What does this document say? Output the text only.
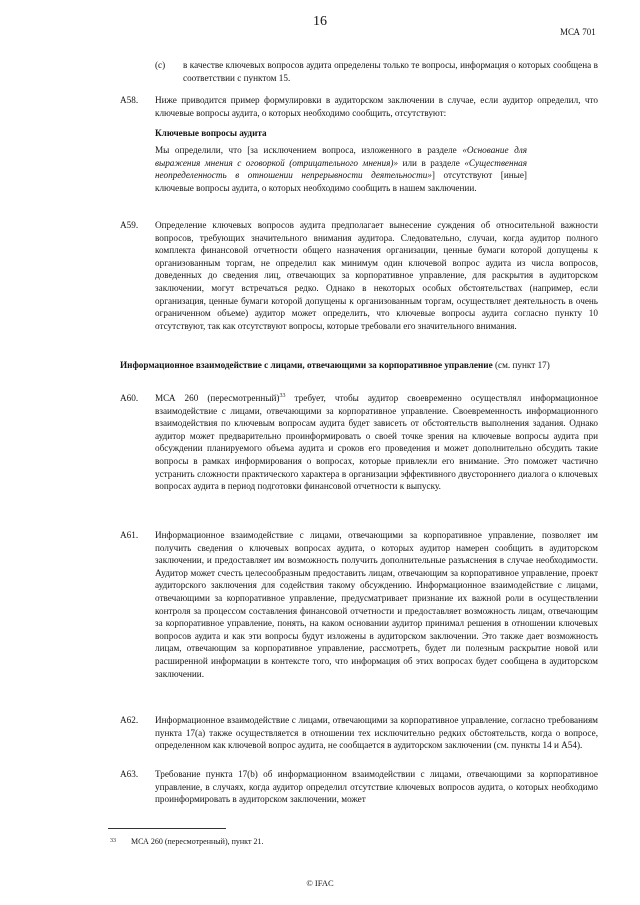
16
МСА 701
(c) в качестве ключевых вопросов аудита определены только те вопросы, информация о которых сообщена в соответствии с пунктом 15.

A58. Ниже приводится пример формулировки в аудиторском заключении в случае, если аудитор определил, что ключевые вопросы аудита, о которых необходимо сообщить, отсутствуют:

Ключевые вопросы аудита

Мы определили, что [за исключением вопроса, изложенного в разделе «Основание для выражения мнения с оговоркой (отрицательного мнения)» или в разделе «Существенная неопределенность в отношении непрерывности деятельности»] отсутствуют [иные] ключевые вопросы аудита, о которых необходимо сообщить в нашем заключении.

A59. Определение ключевых вопросов аудита предполагает вынесение суждения об относительной важности вопросов, требующих значительного внимания аудитора. Следовательно, случаи, когда аудитор полного комплекта финансовой отчетности общего назначения организации, ценные бумаги которой допущены к организованным торгам, не определил как минимум один ключевой вопрос аудита из числа вопросов, доведенных до сведения лиц, отвечающих за корпоративное управление, для раскрытия в аудиторском заключении, могут встречаться редко. Однако в некоторых особых обстоятельствах (например, если организация, ценные бумаги которой допущены к организованным торгам, осуществляет деятельность в очень ограниченном объеме) аудитор может определить, что ключевые вопросы аудита согласно пункту 10 отсутствуют, так как отсутствуют вопросы, которые требовали его значительного внимания.

Информационное взаимодействие с лицами, отвечающими за корпоративное управление (см. пункт 17)

A60. МСА 260 (пересмотренный)$^{33}$ требует, чтобы аудитор своевременно осуществлял информационное взаимодействие с лицами, отвечающими за корпоративное управление. Своевременность информационного взаимодействия по ключевым вопросам аудита будет зависеть от обстоятельств выполнения задания. Однако аудитор может предварительно проинформировать о своей точке зрения на ключевые вопросы аудита при обсуждении планируемого объема аудита и сроков его проведения и может дополнительно обсудить такие вопросы в рамках информирования о вопросах, которые привлекли его внимание. Это поможет частично устранить сложности практического характера в организации эффективного двустороннего диалога о ключевых вопросах аудита в период подготовки финансовой отчетности к выпуску.

A61. Информационное взаимодействие с лицами, отвечающими за корпоративное управление, позволяет им получить сведения о ключевых вопросах аудита, о которых аудитор намерен сообщить в аудиторском заключении, и предоставляет им возможность получить дополнительные разъяснения в случае необходимости. Аудитор может счесть целесообразным предоставить лицам, отвечающим за корпоративное управление, проект аудиторского заключения для содействия такому обсуждению. Информационное взаимодействие с лицами, отвечающими за корпоративное управление, предусматривает признание их важной роли в осуществлении контроля за процессом составления финансовой отчетности и предоставляет возможность лицам, отвечающим за корпоративное управление, понять, на каком основании аудитор принимал решения в отношении ключевых вопросов аудита и как эти вопросы будут изложены в аудиторском заключении. Это также дает возможность лицам, отвечающим за корпоративное управление, рассмотреть, будет ли полезным раскрытие новой или расширенной информации в контексте того, что информация об этих вопросах будет сообщена в аудиторском заключении.

A62. Информационное взаимодействие с лицами, отвечающими за корпоративное управление, согласно требованиям пункта 17(a) также осуществляется в отношении тех исключительно редких обстоятельств, когда о вопросе, определенном как ключевой вопрос аудита, не сообщается в аудиторском заключении (см. пункты 14 и A54).

A63. Требование пункта 17(b) об информационном взаимодействии с лицами, отвечающими за корпоративное управление, в случаях, когда аудитор определил отсутствие ключевых вопросов аудита, о которых необходимо проинформировать в аудиторском заключении, может

33 МСА 260 (пересмотренный), пункт 21.
© IFAC
